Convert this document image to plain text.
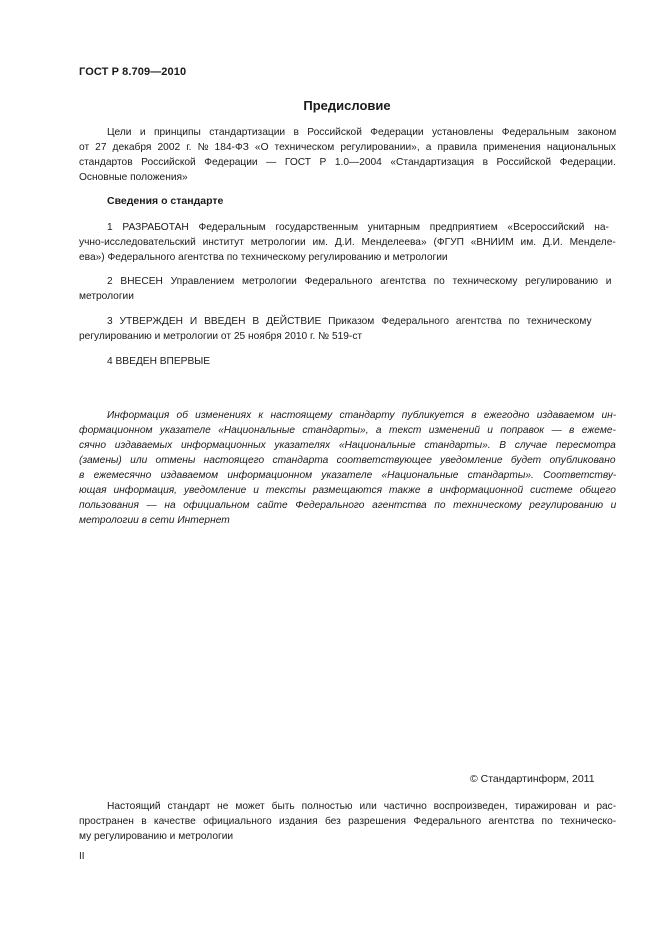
ГОСТ Р 8.709—2010
Предисловие
Цели и принципы стандартизации в Российской Федерации установлены Федеральным законом
от 27 декабря 2002 г. № 184-ФЗ «О техническом регулировании», а правила применения национальных
стандартов Российской Федерации — ГОСТ Р 1.0—2004 «Стандартизация в Российской Федерации.
Основные положения»
Сведения о стандарте
1 РАЗРАБОТАН Федеральным государственным унитарным предприятием «Всероссийский на-
учно-исследовательский институт метрологии им. Д.И. Менделеева» (ФГУП «ВНИИМ им. Д.И. Менделе-
ева») Федерального агентства по техническому регулированию и метрологии
2 ВНЕСЕН Управлением метрологии Федерального агентства по техническому регулированию и
метрологии
3 УТВЕРЖДЕН И ВВЕДЕН В ДЕЙСТВИЕ Приказом Федерального агентства по техническому
регулированию и метрологии от 25 ноября 2010 г. № 519-ст
4 ВВЕДЕН ВПЕРВЫЕ
Информация об изменениях к настоящему стандарту публикуется в ежегодно издаваемом ин-
формационном указателе «Национальные стандарты», а текст изменений и поправок — в ежеме-
сячно издаваемых информационных указателях «Национальные стандарты». В случае пересмотра
(замены) или отмены настоящего стандарта соответствующее уведомление будет опубликовано
в ежемесячно издаваемом информационном указателе «Национальные стандарты». Соответству-
ющая информация, уведомление и тексты размещаются также в информационной системе общего
пользования — на официальном сайте Федерального агентства по техническому регулированию и
метрологии в сети Интернет
© Стандартинформ, 2011
Настоящий стандарт не может быть полностью или частично воспроизведен, тиражирован и рас-
пространен в качестве официального издания без разрешения Федерального агентства по техническо-
му регулированию и метрологии
II
